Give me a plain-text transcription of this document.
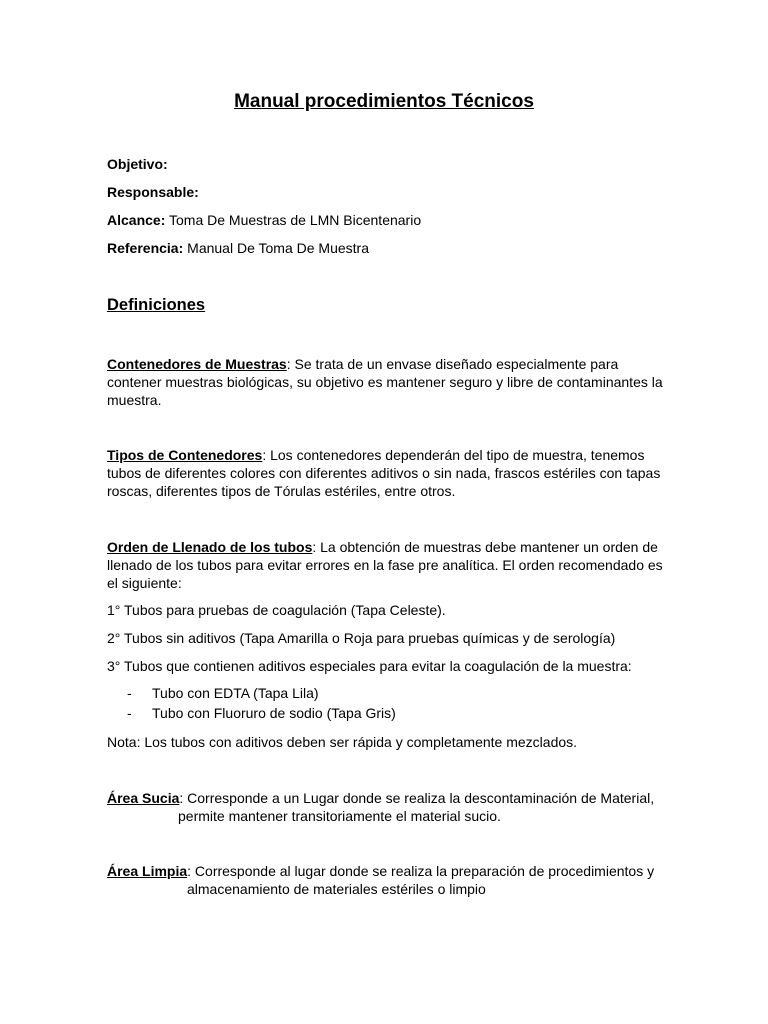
Manual procedimientos Técnicos
Objetivo:
Responsable:
Alcance: Toma De Muestras de LMN Bicentenario
Referencia: Manual De Toma De Muestra
Definiciones

Contenedores de Muestras: Se trata de un envase diseñado especialmente para contener muestras biológicas, su objetivo es mantener seguro y libre de contaminantes la muestra.

Tipos de Contenedores: Los contenedores dependerán del tipo de muestra, tenemos tubos de diferentes colores con diferentes aditivos o sin nada, frascos estériles con tapas roscas, diferentes tipos de Tórulas estériles, entre otros.

Orden de Llenado de los tubos: La obtención de muestras debe mantener un orden de llenado de los tubos para evitar errores en la fase pre analítica. El orden recomendado es el siguiente:

1° Tubos para pruebas de coagulación (Tapa Celeste).
2° Tubos sin aditivos (Tapa Amarilla o Roja para pruebas químicas y de serología)
3° Tubos que contienen aditivos especiales para evitar la coagulación de la muestra:
- Tubo con EDTA (Tapa Lila)
- Tubo con Fluoruro de sodio (Tapa Gris)
Nota: Los tubos con aditivos deben ser rápida y completamente mezclados.
Área Sucia: Corresponde a un Lugar donde se realiza la descontaminación de Material,
permite mantener transitoriamente el material sucio.
Área Limpia: Corresponde al lugar donde se realiza la preparación de procedimientos y
almacenamiento de materiales estériles o limpio
